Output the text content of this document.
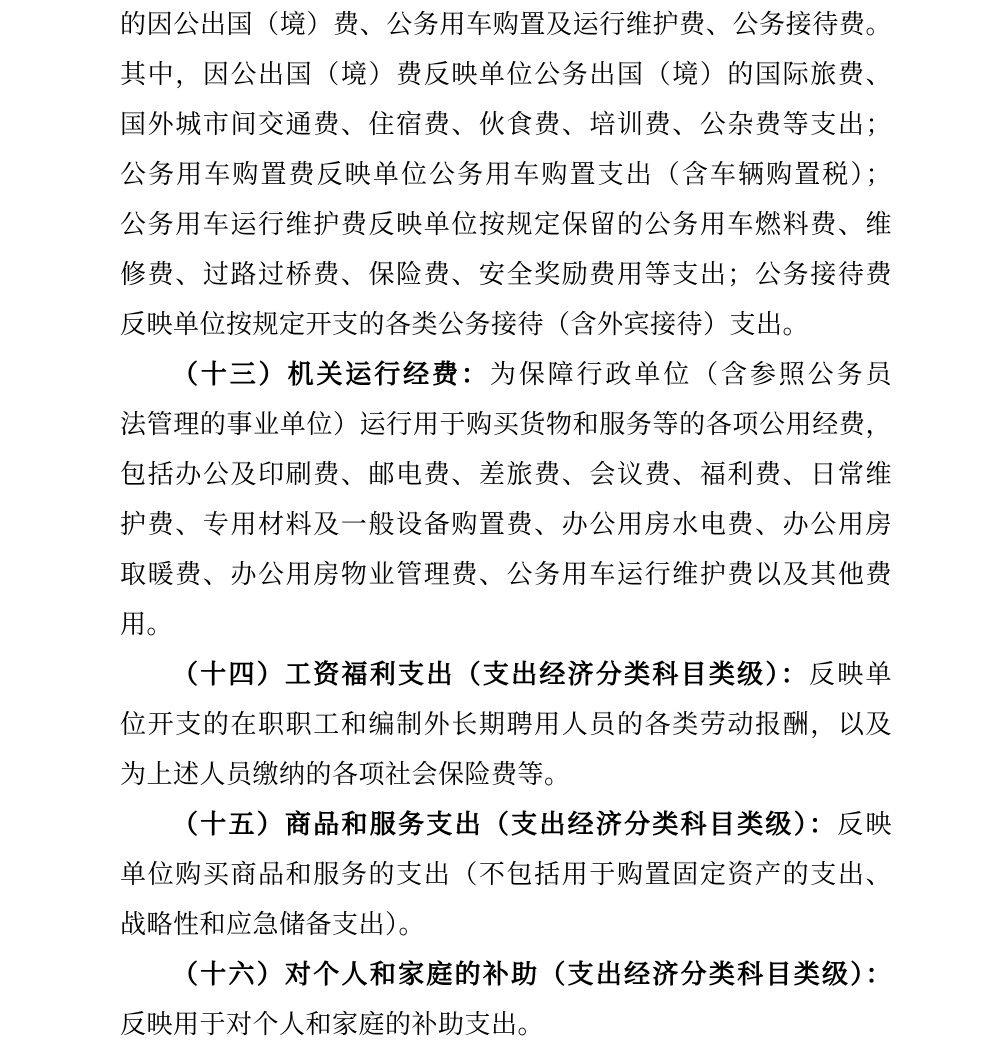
的因公出国（境）费、公务用车购置及运行维护费、公务接待费。
其中，因公出国（境）费反映单位公务出国（境）的国际旅费、
国外城市间交通费、住宿费、伙食费、培训费、公杂费等支出；
公务用车购置费反映单位公务用车购置支出（含车辆购置税）；
公务用车运行维护费反映单位按规定保留的公务用车燃料费、维
修费、过路过桥费、保险费、安全奖励费用等支出；公务接待费
反映单位按规定开支的各类公务接待（含外宾接待）支出。
（十三）机关运行经费：为保障行政单位（含参照公务员
法管理的事业单位）运行用于购买货物和服务等的各项公用经费，
包括办公及印刷费、邮电费、差旅费、会议费、福利费、日常维
护费、专用材料及一般设备购置费、办公用房水电费、办公用房
取暖费、办公用房物业管理费、公务用车运行维护费以及其他费
用。
（十四）工资福利支出（支出经济分类科目类级）：反映单
位开支的在职职工和编制外长期聘用人员的各类劳动报酬，以及
为上述人员缴纳的各项社会保险费等。
（十五）商品和服务支出（支出经济分类科目类级）：反映
单位购买商品和服务的支出（不包括用于购置固定资产的支出、
战略性和应急储备支出）。
（十六）对个人和家庭的补助（支出经济分类科目类级）：
反映用于对个人和家庭的补助支出。
